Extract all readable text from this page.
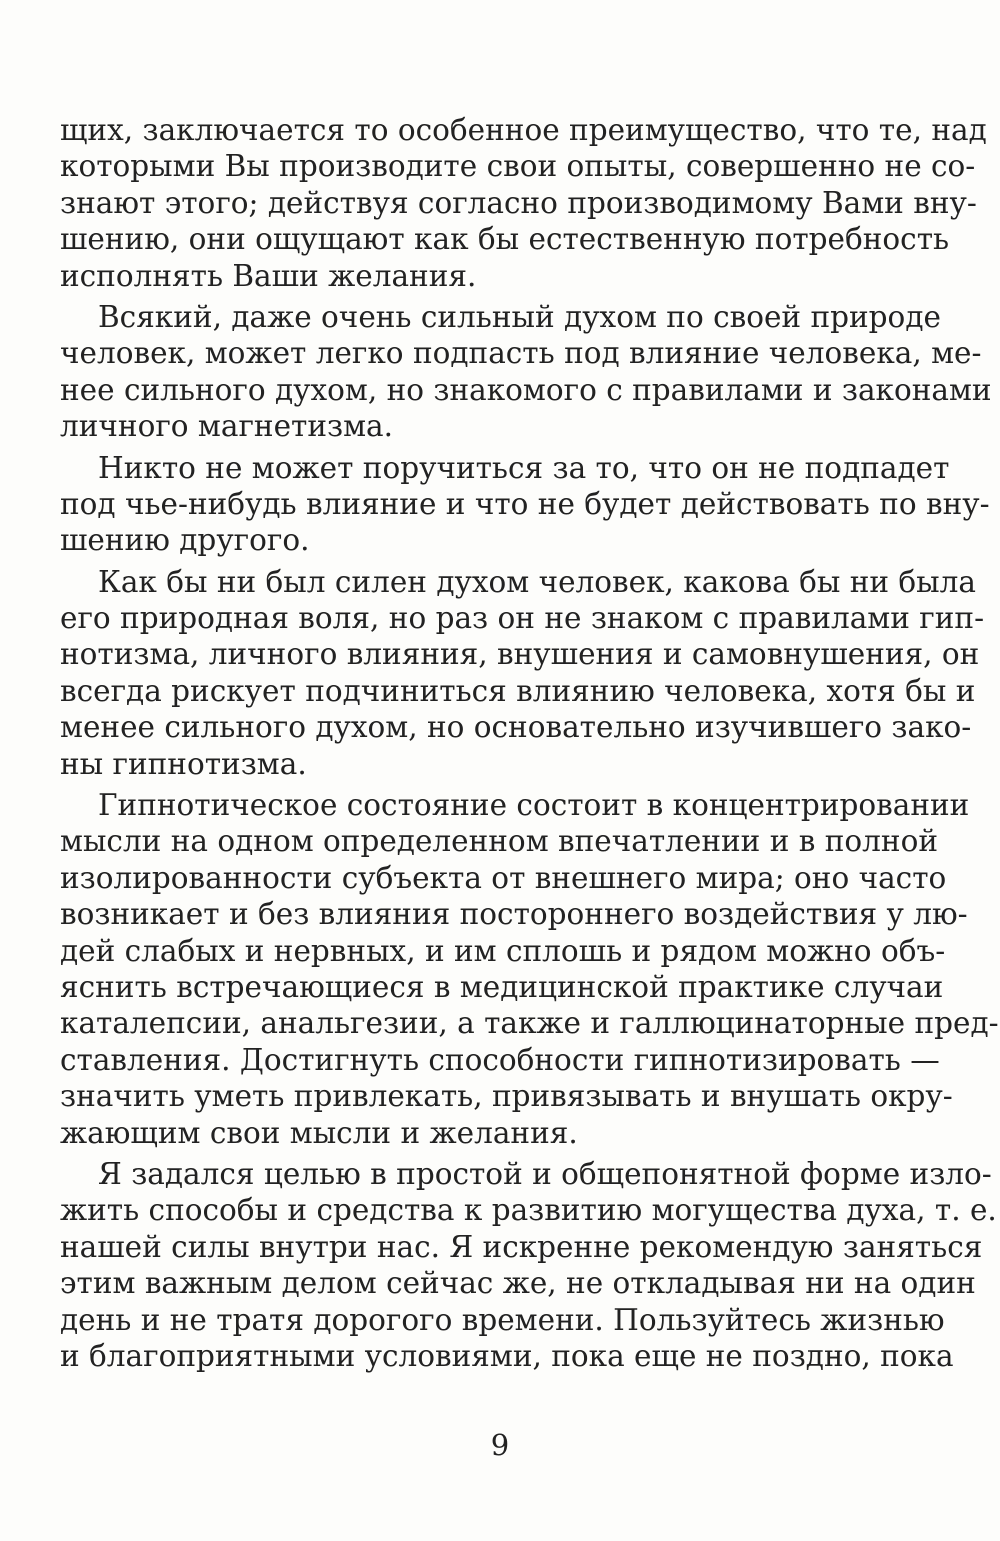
щих, заключается то особенное преимущество, что те, над
которыми Вы производите свои опыты, совершенно не со-
знают этого; действуя согласно производимому Вами вну-
шению, они ощущают как бы естественную потребность
исполнять Ваши желания.
Всякий, даже очень сильный духом по своей природе
человек, может легко подпасть под влияние человека, ме-
нее сильного духом, но знакомого с правилами и законами
личного магнетизма.
Никто не может поручиться за то, что он не подпадет
под чье-нибудь влияние и что не будет действовать по вну-
шению другого.
Как бы ни был силен духом человек, какова бы ни была
его природная воля, но раз он не знаком с правилами гип-
нотизма, личного влияния, внушения и самовнушения, он
всегда рискует подчиниться влиянию человека, хотя бы и
менее сильного духом, но основательно изучившего зако-
ны гипнотизма.
Гипнотическое состояние состоит в концентрировании
мысли на одном определенном впечатлении и в полной
изолированности субъекта от внешнего мира; оно часто
возникает и без влияния постороннего воздействия у лю-
дей слабых и нервных, и им сплошь и рядом можно объ-
яснить встречающиеся в медицинской практике случаи
каталепсии, анальгезии, а также и галлюцинаторные пред-
ставления. Достигнуть способности гипнотизировать —
значить уметь привлекать, привязывать и внушать окру-
жающим свои мысли и желания.
Я задался целью в простой и общепонятной форме изло-
жить способы и средства к развитию могущества духа, т. е.
нашей силы внутри нас. Я искренне рекомендую заняться
этим важным делом сейчас же, не откладывая ни на один
день и не тратя дорогого времени. Пользуйтесь жизнью
и благоприятными условиями, пока еще не поздно, пока
9
